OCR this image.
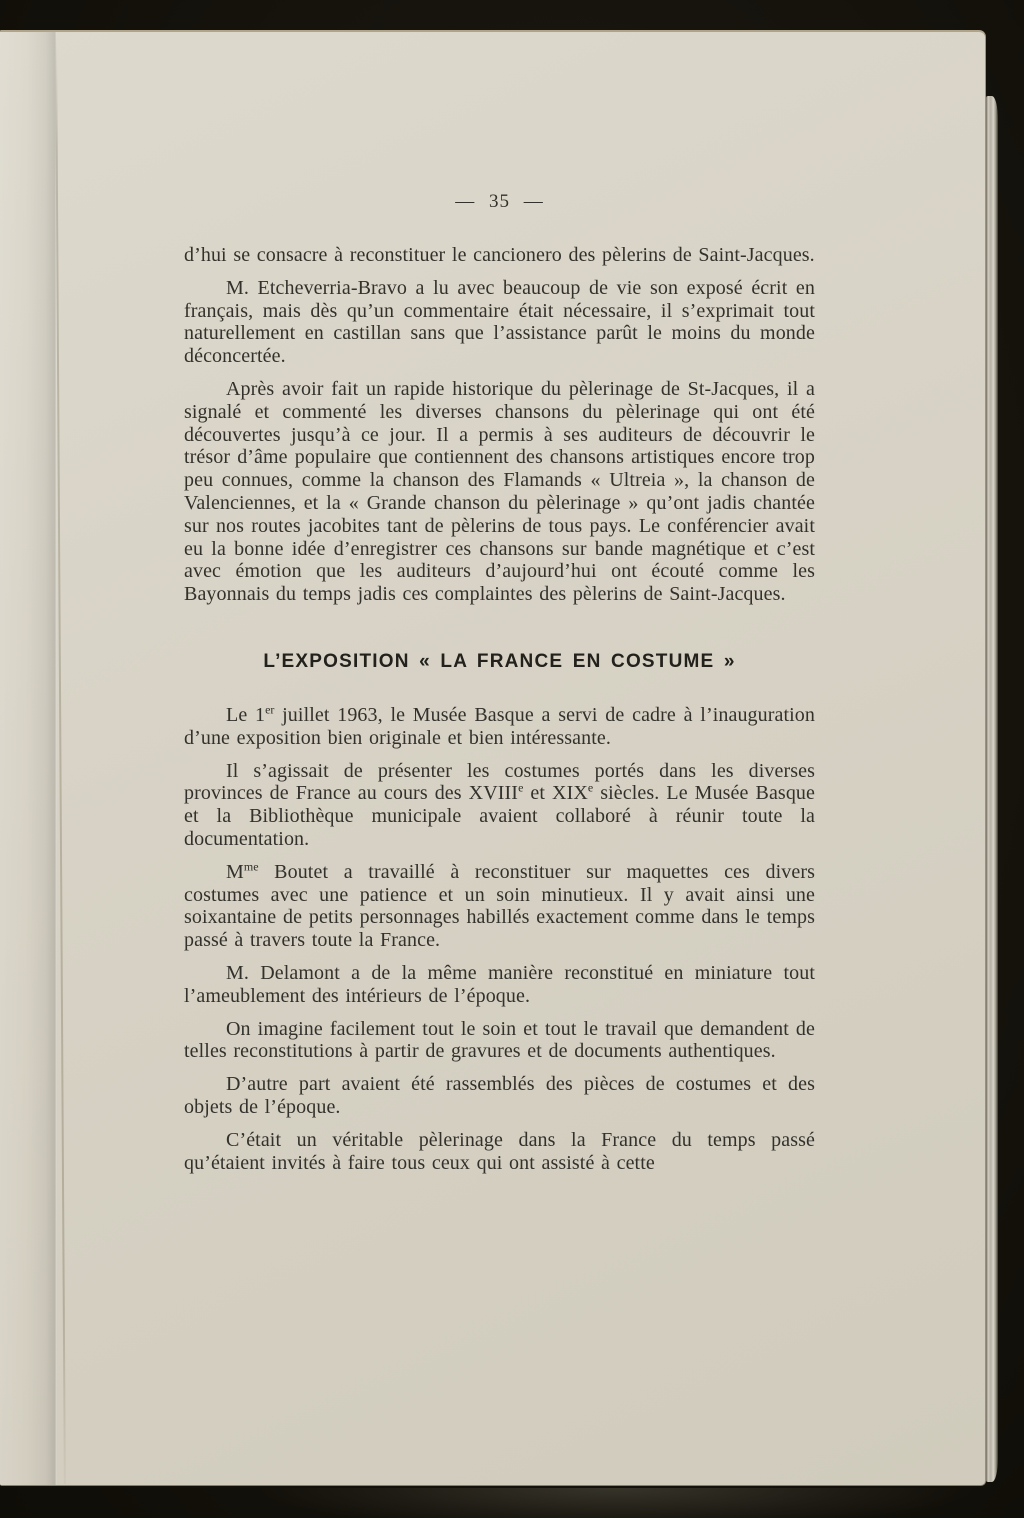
— 35 —

d’hui se consacre à reconstituer le cancionero des pèlerins de Saint-Jacques.

M. Etcheverria-Bravo a lu avec beaucoup de vie son exposé écrit en français, mais dès qu’un commentaire était nécessaire, il s’exprimait tout naturellement en castillan sans que l’assistance parût le moins du monde déconcertée.

Après avoir fait un rapide historique du pèlerinage de St-Jacques, il a signalé et commenté les diverses chansons du pèlerinage qui ont été découvertes jusqu’à ce jour. Il a permis à ses auditeurs de découvrir le trésor d’âme populaire que contiennent des chansons artistiques encore trop peu connues, comme la chanson des Flamands « Ultreia », la chanson de Valenciennes, et la « Grande chanson du pèlerinage » qu’ont jadis chantée sur nos routes jacobites tant de pèlerins de tous pays. Le conférencier avait eu la bonne idée d’enregistrer ces chansons sur bande magnétique et c’est avec émotion que les auditeurs d’aujourd’hui ont écouté comme les Bayonnais du temps jadis ces complaintes des pèlerins de Saint-Jacques.

L’EXPOSITION « LA FRANCE EN COSTUME »

Le 1er juillet 1963, le Musée Basque a servi de cadre à l’inauguration d’une exposition bien originale et bien intéressante.

Il s’agissait de présenter les costumes portés dans les diverses provinces de France au cours des XVIIIe et XIXe siècles. Le Musée Basque et la Bibliothèque municipale avaient collaboré à réunir toute la documentation.

$M^{me}$ Boutet a travaillé à reconstituer sur maquettes ces divers costumes avec une patience et un soin minutieux. Il y avait ainsi une soixantaine de petits personnages habillés exactement comme dans le temps passé à travers toute la France.

M. Delamont a de la même manière reconstitué en miniature tout l’ameublement des intérieurs de l’époque.

On imagine facilement tout le soin et tout le travail que demandent de telles reconstitutions à partir de gravures et de documents authentiques.

D’autre part avaient été rassemblés des pièces de costumes et des objets de l’époque.

C’était un véritable pèlerinage dans la France du temps passé qu’étaient invités à faire tous ceux qui ont assisté à cette
